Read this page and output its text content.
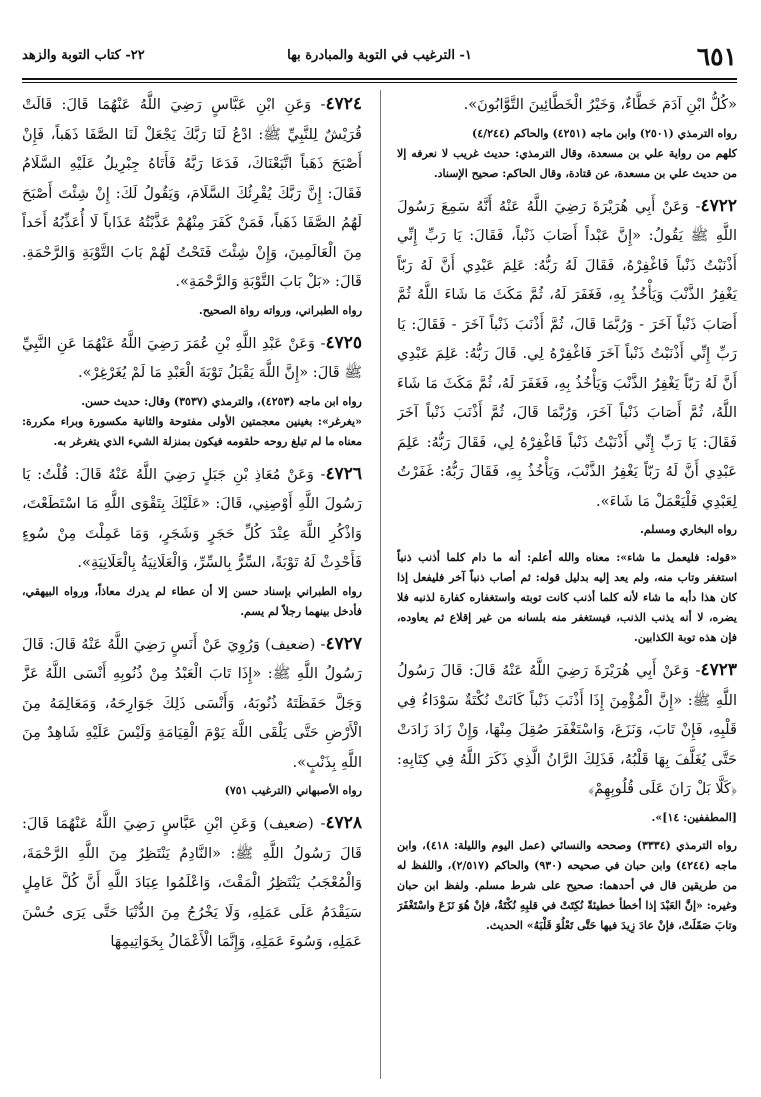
٦٥١
١- الترغيب في التوبة والمبادرة بها
٢٢- كتاب التوبة والزهد

«كُلُّ ابْنِ آدَمَ خَطَّاءٌ، وَخَيْرُ الْخَطَّائِينَ التَّوَّابُونَ».

رواه الترمذي (٢٥٠١) وابن ماجه (٤٢٥١) والحاكم (٤/٢٤٤)
كلهم من رواية علي بن مسعدة، وقال الترمذي: حديث غريب لا نعرفه إلا من حديث علي بن مسعدة، عن قتادة، وقال الحاكم: صحيح الإسناد.

٤٧٢٢- وَعَنْ أَبِي هُرَيْرَةَ رَضِيَ اللَّهُ عَنْهُ أَنَّهُ سَمِعَ رَسُولَ اللَّهِ ﷺ يَقُولُ: «إِنَّ عَبْداً أَصَابَ ذَنْباً، فَقَالَ: يَا رَبِّ إِنِّي أَذْنَبْتُ ذَنْباً فَاغْفِرْهُ، فَقَالَ لَهُ رَبُّهُ: عَلِمَ عَبْدِي أَنَّ لَهُ رَبّاً يَغْفِرُ الذَّنْبَ وَيَأْخُذُ بِهِ، فَغَفَرَ لَهُ، ثُمَّ مَكَثَ مَا شَاءَ اللَّهُ ثُمَّ أَصَابَ ذَنْباً آخَرَ - وَرُبَّمَا قَالَ، ثُمَّ أَذْنَبَ ذَنْباً آخَرَ - فَقَالَ: يَا رَبِّ إِنِّي أَذْنَبْتُ ذَنْباً آخَرَ فَاغْفِرْهُ لِي. قَالَ رَبُّهُ: عَلِمَ عَبْدِي أَنَّ لَهُ رَبّاً يَغْفِرُ الذَّنْبَ وَيَأْخُذُ بِهِ، فَغَفَرَ لَهُ، ثُمَّ مَكَثَ مَا شَاءَ اللَّهُ، ثُمَّ أَصَابَ ذَنْباً آخَرَ، وَرُبَّمَا قَالَ، ثُمَّ أَذْنَبَ ذَنْباً آخَرَ فَقَالَ: يَا رَبِّ إِنِّي أَذْنَبْتُ ذَنْباً فَاغْفِرْهُ لِي، فَقَالَ رَبُّهُ: عَلِمَ عَبْدِي أَنَّ لَهُ رَبّاً يَغْفِرُ الذَّنْبَ، وَيَأْخُذُ بِهِ، فَقَالَ رَبُّهُ: غَفَرْتُ لِعَبْدِي فَلْيَعْمَلْ مَا شَاءَ».

رواه البخاري ومسلم.

«قوله: فليعمل ما شاء»: معناه والله أعلم: أنه ما دام كلما أذنب ذنباً استغفر وتاب منه، ولم يعد إليه بدليل قوله: ثم أصاب ذنباً آخر فليفعل إذا كان هذا دأبه ما شاء لأنه كلما أذنب كانت توبته واستغفاره كفارة لذنبه فلا يضره، لا أنه يذنب الذنب، فيستغفر منه بلسانه من غير إقلاع ثم يعاوده، فإن هذه توبة الكذابين.

٤٧٢٣- وَعَنْ أَبِي هُرَيْرَةَ رَضِيَ اللَّهُ عَنْهُ قَالَ: قَالَ رَسُولُ اللَّهِ ﷺ: «إِنَّ الْمُؤْمِنَ إِذَا أَذْنَبَ ذَنْباً كَانَتْ نُكْتَةٌ سَوْدَاءُ فِي قَلْبِهِ، فَإِنْ تَابَ، وَنَزَعَ، وَاسْتَغْفَرَ صُقِلَ مِنْهَا، وَإِنْ زَادَ زَادَتْ حَتَّى يُغَلَّفَ بِهَا قَلْبُهُ، فَذَلِكَ الرَّانُ الَّذِي ذَكَرَ اللَّهُ فِي كِتَابِهِ: ﴿كَلَّا بَلْ رَانَ عَلَى قُلُوبِهِمْ﴾

[المطففين: ١٤]».

رواه الترمذي (٣٣٣٤) وصححه والنسائي (عمل اليوم والليلة: ٤١٨)، وابن ماجه (٤٢٤٤) وابن حبان في صحيحه (٩٣٠) والحاكم (٢/٥١٧)، واللفظ له من طريقين قال في أحدهما: صحيح على شرط مسلم. ولفظ ابن حبان وغيره: «إنَّ العَبْدَ إذا أخطأ خطيئةً نُكِتَتْ في قلبِهِ نُكْتَةٌ، فإنْ هُوَ نَزَعَ واسْتَغْفَرَ وتابَ صَقَلَتْ، فإنْ عادَ زِيدَ فيها حَتَّى تَعْلُوَ قَلْبَهُ» الحديث.

٤٧٢٤- وَعَنِ ابْنِ عَبَّاسٍ رَضِيَ اللَّهُ عَنْهُمَا قَالَ: قَالَتْ قُرَيْشٌ لِلنَّبِيِّ ﷺ: ادْعُ لَنَا رَبَّكَ يَجْعَلْ لَنَا الصَّفَا ذَهَباً، فَإِنْ أَصْبَحَ ذَهَباً اتَّبَعْنَاكَ، فَدَعَا رَبَّهُ فَأَتَاهُ جِبْرِيلُ عَلَيْهِ السَّلَامُ فَقَالَ: إِنَّ رَبَّكَ يُقْرِئُكَ السَّلَامَ، وَيَقُولُ لَكَ: إِنْ شِئْتَ أَصْبَحَ لَهُمُ الصَّفَا ذَهَباً، فَمَنْ كَفَرَ مِنْهُمْ عَذَّبْتُهُ عَذَاباً لَا أُعَذِّبُهُ أَحَداً مِنَ الْعَالَمِينَ، وَإِنْ شِئْتَ فَتَحْتُ لَهُمْ بَابَ التَّوْبَةِ وَالرَّحْمَةِ. قَالَ: «بَلْ بَابَ التَّوْبَةِ وَالرَّحْمَةِ».

رواه الطبراني، ورواته رواة الصحيح.

٤٧٢٥- وَعَنْ عَبْدِ اللَّهِ بْنِ عُمَرَ رَضِيَ اللَّهُ عَنْهُمَا عَنِ النَّبِيِّ ﷺ قَالَ: «إِنَّ اللَّهَ يَقْبَلُ تَوْبَةَ الْعَبْدِ مَا لَمْ يُغَرْغِرْ».

رواه ابن ماجه (٤٢٥٣)، والترمذي (٣٥٣٧) وقال: حديث حسن.
«يغرغر»: بغينين معجمتين الأولى مفتوحة والثانية مكسورة وبراء مكررة: معناه ما لم تبلغ روحه حلقومه فيكون بمنزلة الشيء الذي يتغرغر به.

٤٧٢٦- وَعَنْ مُعَاذِ بْنِ جَبَلٍ رَضِيَ اللَّهُ عَنْهُ قَالَ: قُلْتُ: يَا رَسُولَ اللَّهِ أَوْصِنِي، قَالَ: «عَلَيْكَ بِتَقْوَى اللَّهِ مَا اسْتَطَعْتَ، وَاذْكُرِ اللَّهَ عِنْدَ كُلِّ حَجَرٍ وَشَجَرٍ، وَمَا عَمِلْتَ مِنْ سُوءٍ فَأَحْدِثْ لَهُ تَوْبَةً، السِّرُّ بِالسِّرِّ، وَالْعَلَانِيَةُ بِالْعَلَانِيَةِ».

رواه الطبراني بإسناد حسن إلا أن عطاء لم يدرك معاذاً، ورواه البيهقي، فأدخل بينهما رجلاً لم يسم.

٤٧٢٧- (ضعيف) وَرُوِيَ عَنْ أَنَسٍ رَضِيَ اللَّهُ عَنْهُ قَالَ: قَالَ رَسُولُ اللَّهِ ﷺ: «إِذَا تَابَ الْعَبْدُ مِنْ ذُنُوبِهِ أَنْسَى اللَّهُ عَزَّ وَجَلَّ حَفَظَتَهُ ذُنُوبَهُ، وَأَنْسَى ذَلِكَ جَوَارِحَهُ، وَمَعَالِمَهُ مِنَ الْأَرْضِ حَتَّى يَلْقَى اللَّهَ يَوْمَ الْقِيَامَةِ وَلَيْسَ عَلَيْهِ شَاهِدٌ مِنَ اللَّهِ بِذَنْبٍ».

رواه الأصبهاني (الترغيب ٧٥١)

٤٧٢٨- (ضعيف) وَعَنِ ابْنِ عَبَّاسٍ رَضِيَ اللَّهُ عَنْهُمَا قَالَ: قَالَ رَسُولُ اللَّهِ ﷺ: «النَّادِمُ يَنْتَظِرُ مِنَ اللَّهِ الرَّحْمَةَ، وَالْمُعْجَبُ يَنْتَظِرُ الْمَقْتَ، وَاعْلَمُوا عِبَادَ اللَّهِ أَنَّ كُلَّ عَامِلٍ سَيَقْدَمُ عَلَى عَمَلِهِ، وَلَا يَخْرُجُ مِنَ الدُّنْيَا حَتَّى يَرَى حُسْنَ عَمَلِهِ، وَسُوءَ عَمَلِهِ، وَإِنَّمَا الْأَعْمَالُ بِخَوَاتِيمِهَا
